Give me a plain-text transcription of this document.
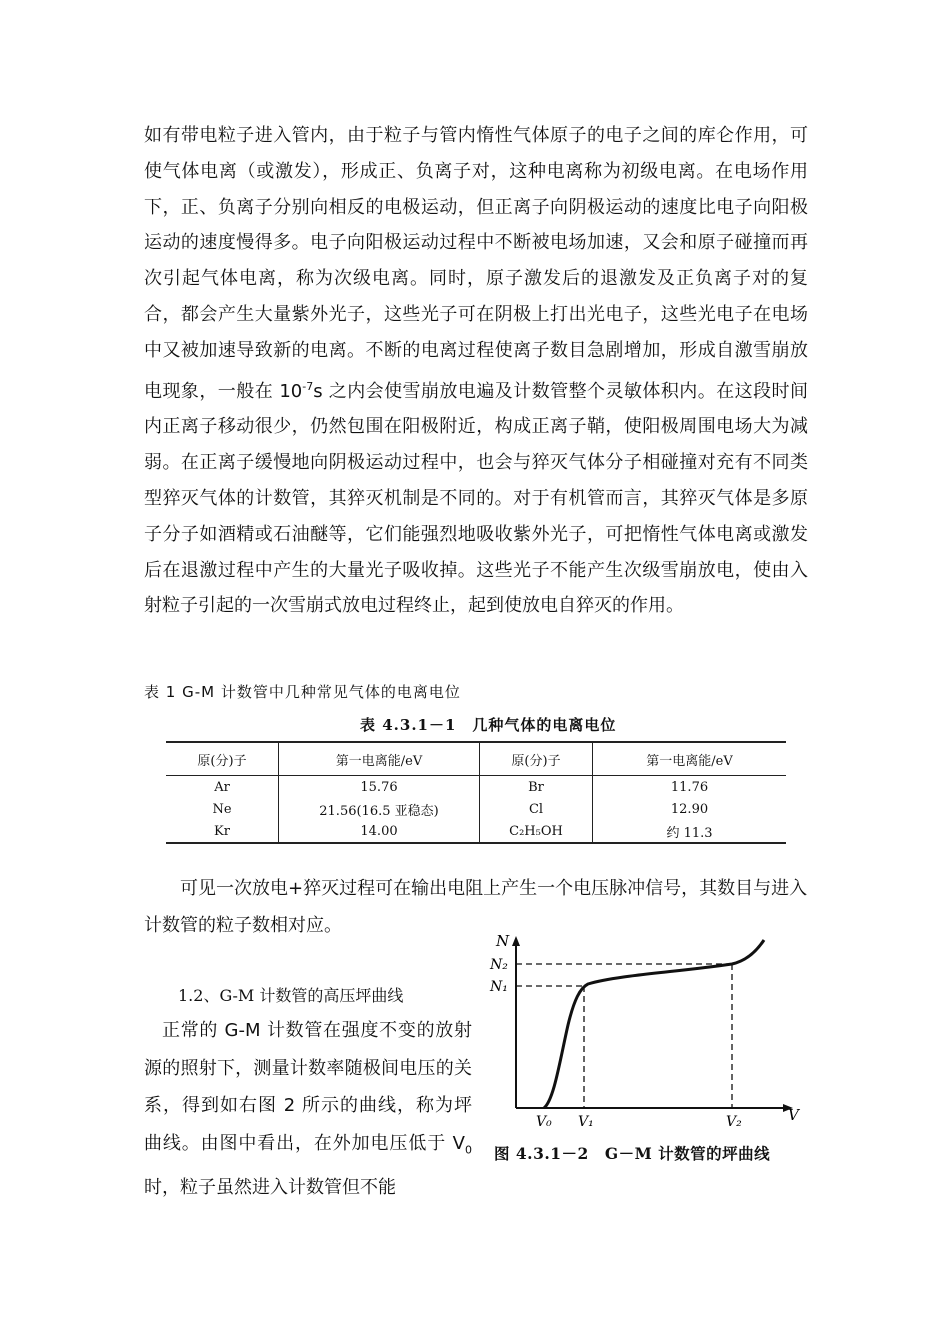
如有带电粒子进入管内，由于粒子与管内惰性气体原子的电子之间的库仑作用，可使气体电离（或激发），形成正、负离子对，这种电离称为初级电离。在电场作用下，正、负离子分别向相反的电极运动，但正离子向阴极运动的速度比电子向阳极运动的速度慢得多。电子向阳极运动过程中不断被电场加速，又会和原子碰撞而再次引起气体电离，称为次级电离。同时，原子激发后的退激发及正负离子对的复合，都会产生大量紫外光子，这些光子可在阴极上打出光电子，这些光电子在电场中又被加速导致新的电离。不断的电离过程使离子数目急剧增加，形成自激雪崩放电现象，一般在 $10^{-7}s$ 之内会使雪崩放电遍及计数管整个灵敏体积内。在这段时间内正离子移动很少，仍然包围在阳极附近，构成正离子鞘，使阳极周围电场大为减弱。在正离子缓慢地向阴极运动过程中，也会与猝灭气体分子相碰撞对充有不同类型猝灭气体的计数管，其猝灭机制是不同的。对于有机管而言，其猝灭气体是多原子分子如酒精或石油醚等，它们能强烈地吸收紫外光子，可把惰性气体电离或激发后在退激过程中产生的大量光子吸收掉。这些光子不能产生次级雪崩放电，使由入射粒子引起的一次雪崩式放电过程终止，起到使放电自猝灭的作用。

表 1 G-M 计数管中几种常见气体的电离电位

表 4.3.1－1　几种气体的电离电位
原(分)子	第一电离能/eV	原(分)子	第一电离能/eV
Ar	15.76	Br	11.76
Ne	21.56(16.5 亚稳态)	Cl	12.90
Kr	14.00	C₂H₅OH	约 11.3

可见一次放电+猝灭过程可在输出电阻上产生一个电压脉冲信号，其数目与进入计数管的粒子数相对应。

1.2、G-M 计数管的高压坪曲线

正常的 G-M 计数管在强度不变的放射源的照射下，测量计数率随极间电压的关系，得到如右图 2 所示的曲线，称为坪曲线。由图中看出，在外加电压低于 $V_0$时，粒子虽然进入计数管但不能

N
N₂
N₁
V₀ V₁	V₂	V
图 4.3.1－2　G－M 计数管的坪曲线
